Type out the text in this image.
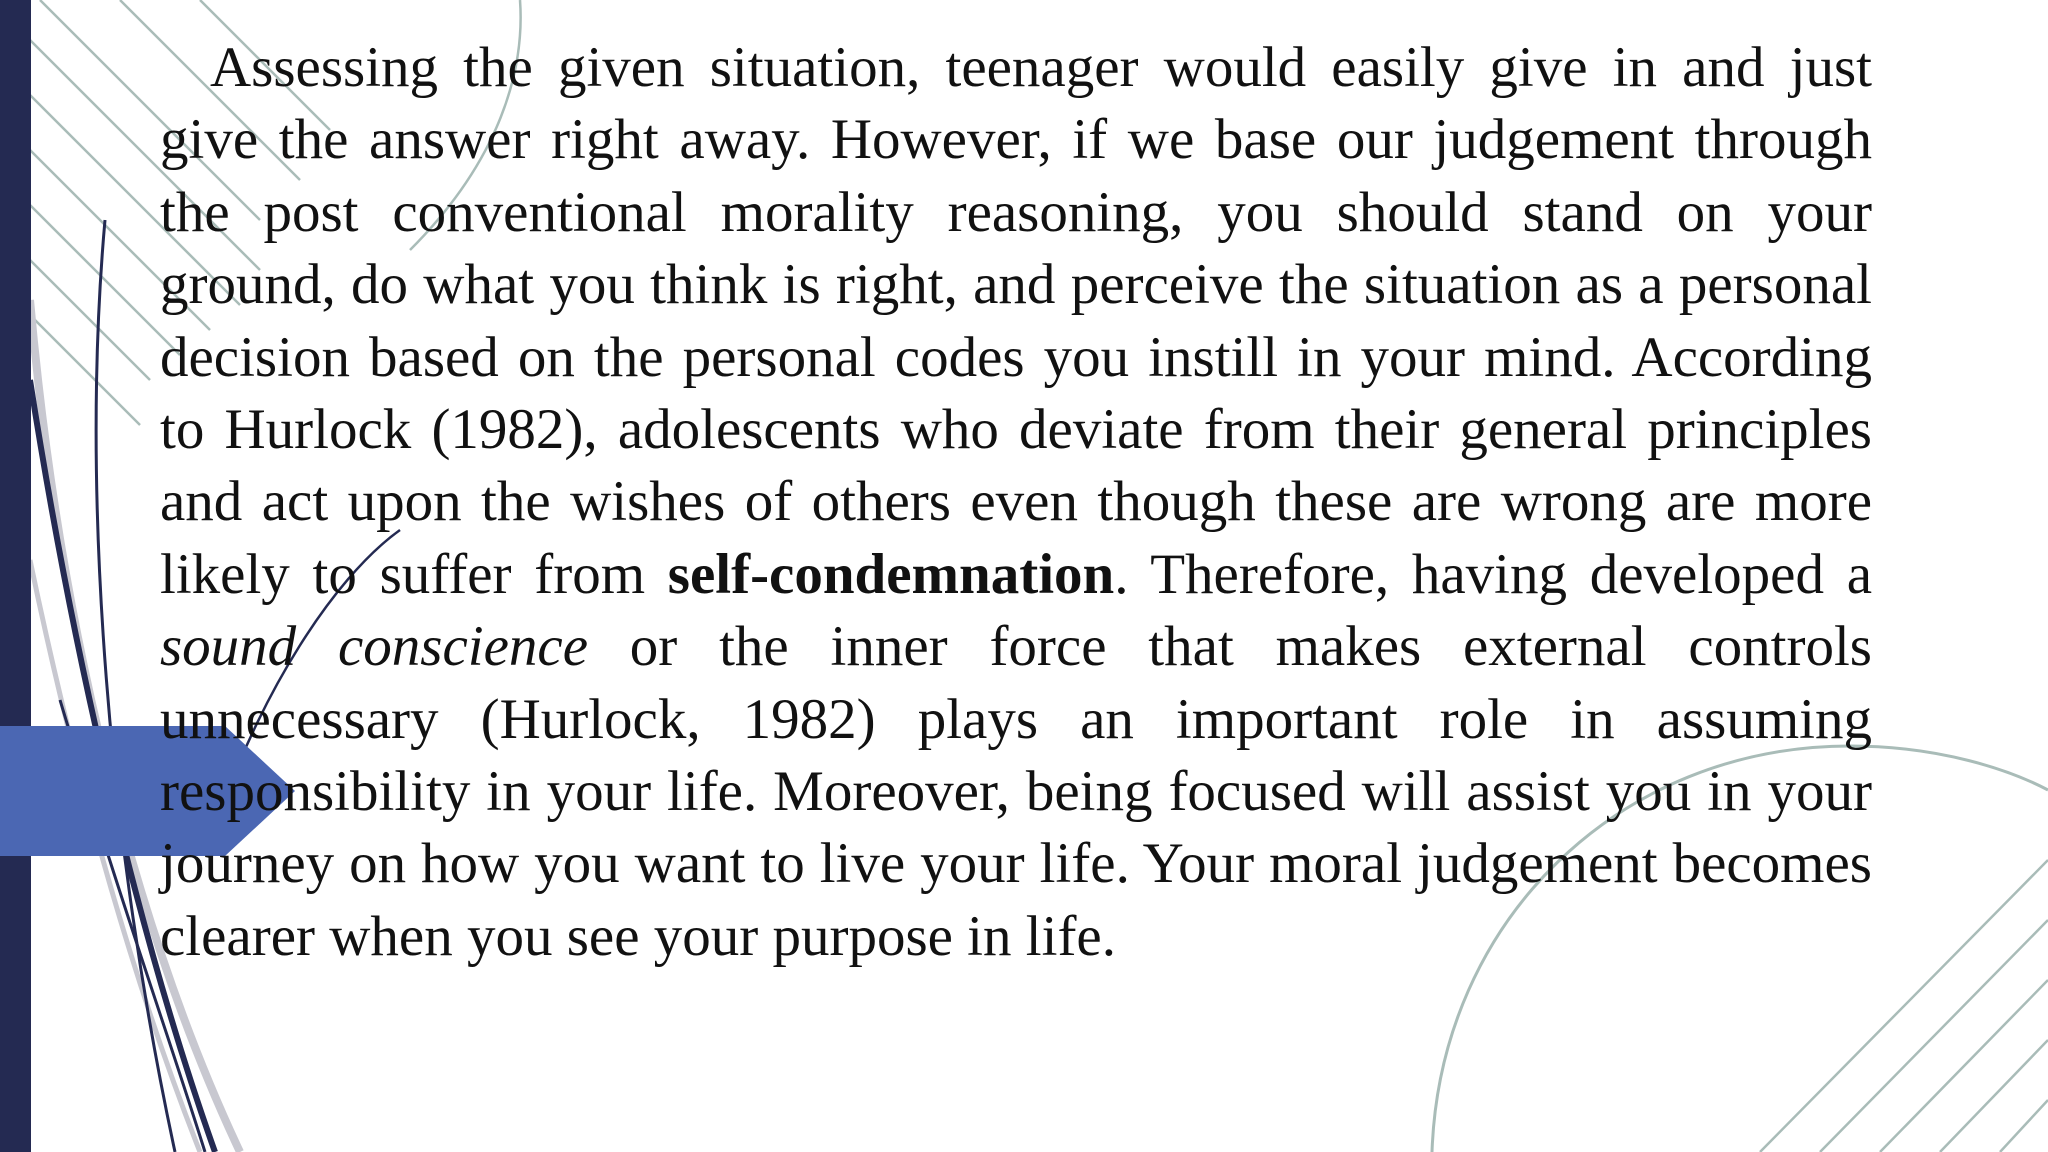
Assessing the given situation, teenager would easily give in and just give the answer right away. However, if we base our judgement through the post conventional morality reasoning, you should stand on your ground, do what you think is right, and perceive the situation as a personal decision based on the personal codes you instill in your mind. According to Hurlock (1982), adolescents who deviate from their general principles and act upon the wishes of others even though these are wrong are more likely to suffer from self-condemnation. Therefore, having developed a sound conscience or the inner force that makes external controls unnecessary (Hurlock, 1982) plays an important role in assuming responsibility in your life. Moreover, being focused will assist you in your journey on how you want to live your life. Your moral judgement becomes clearer when you see your purpose in life.
